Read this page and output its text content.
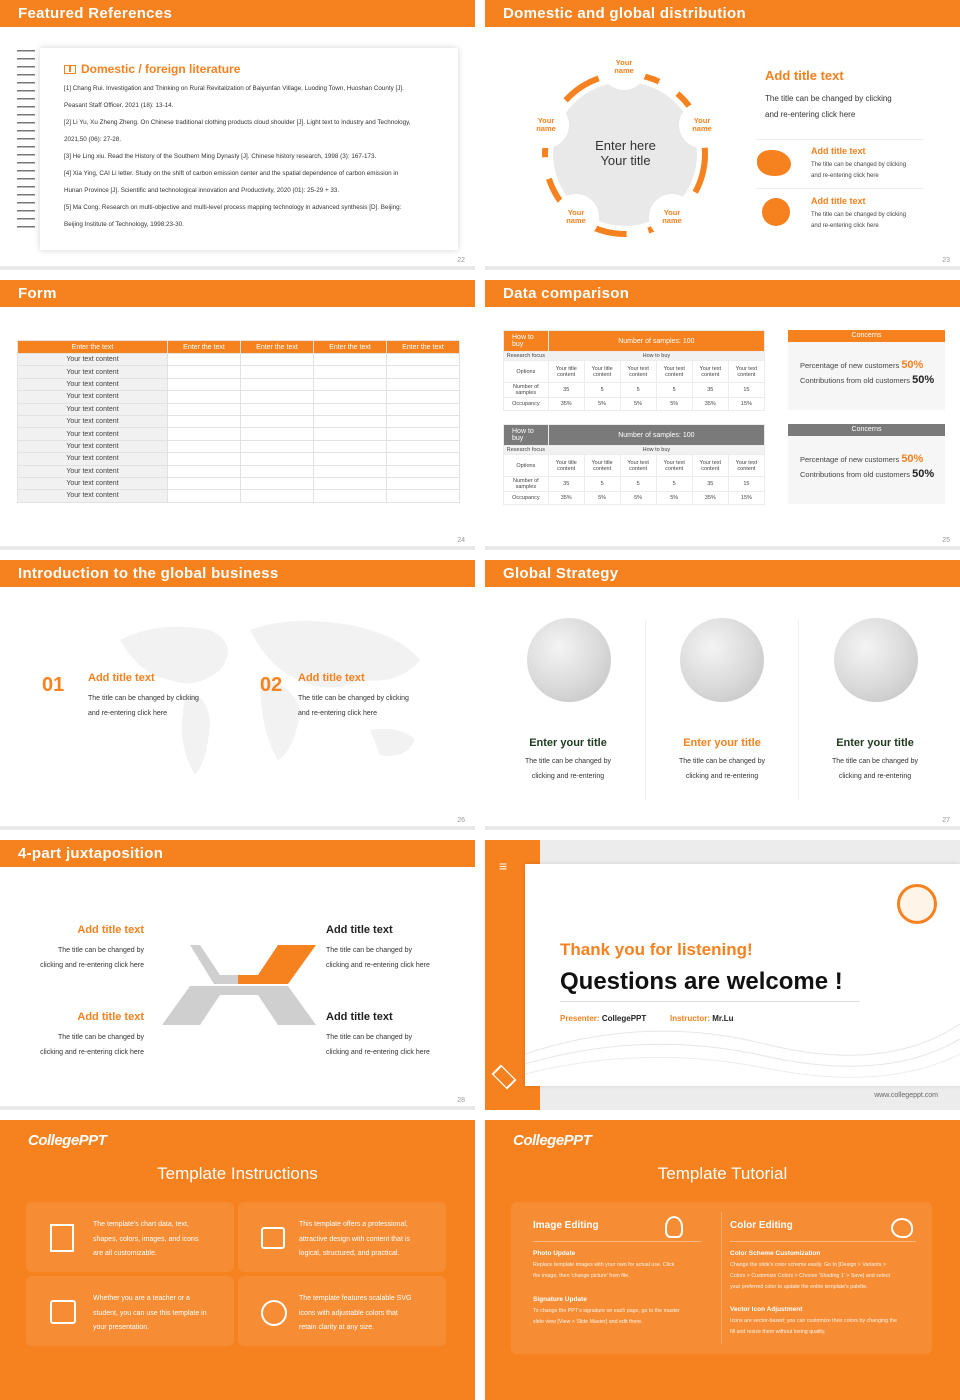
Featured References
Domestic / foreign literature
[1] Chang Rui. Investigation and Thinking on Rural Revitalization of Baiyunfan Village, Luoding Town, Huoshan County [J].
Peasant Staff Officer, 2021 (18): 13-14.
[2] Li Yu, Xu Zheng Zheng. On Chinese traditional clothing products cloud shoulder [J]. Light text to Industry and Technology,
2021,50 (06): 27-28.
[3] He Ling xiu. Read the History of the Southern Ming Dynasty [J]. Chinese history research, 1998 (3): 167-173.
[4] Xia Ying, CAI Li letter. Study on the shift of carbon emission center and the spatial dependence of carbon emission in
Hunan Province [J]. Scientific and technological innovation and Productivity, 2020 (01): 25-29 + 33.
[5] Ma Cong. Research on multi-objective and multi-level process mapping technology in advanced synthesis [D]. Beijing:
Beijing Institute of Technology, 1998:23-30.
22
Domestic and global distribution
Enter here
Your title
Your
name
Your
name
Your
name
Your
name
Your
name
Add title text
The title can be changed by clicking
and re-entering click here
Add title text
The title can be changed by clicking
and re-entering click here
Add title text
The title can be changed by clicking
and re-entering click here
23
Form
Enter the text	Enter the text	Enter the text	Enter the text	Enter the text
Your text content				
Your text content				
Your text content				
Your text content				
Your text content				
Your text content				
Your text content				
Your text content				
Your text content				
Your text content				
Your text content				
Your text content				
24
Data comparison
25
How to buy	Number of samples: 100					
Research focus	How to buy					
Options	Your title content	Your title content	Your text content	Your text content	Your text content	Your text content
Number of samples	35	5	5	5	35	15
Occupancy	35%	5%	5%	5%	35%	15%
Concerns
Percentage of new customers 50%
Contributions from old customers 50%
How to buy	Number of samples: 100					
Research focus	How to buy					
Options	Your title content	Your title content	Your text content	Your text content	Your text content	Your text content
Number of samples	35	5	5	5	35	15
Occupancy	35%	5%	5%	5%	35%	15%
Concerns
Percentage of new customers 50%
Contributions from old customers 50%
Introduction to the global business
01 Add title text
The title can be changed by clicking
and re-entering click here
02 Add title text
The title can be changed by clicking
and re-entering click here
26
Global Strategy
Enter your title
The title can be changed by
clicking and re-entering
Enter your title
The title can be changed by
clicking and re-entering
Enter your title
The title can be changed by
clicking and re-entering
27
4-part juxtaposition
Add title text
The title can be changed by
clicking and re-entering click here
Add title text
The title can be changed by
clicking and re-entering click here
Add title text
The title can be changed by
clicking and re-entering click here
Add title text
The title can be changed by
clicking and re-entering click here
D A
C B
28
≡
Thank you for listening!
Questions are welcome !
Presenter: CollegePPT	Instructor: Mr.Lu
www.collegeppt.com
CollegePPT
Template Instructions
The template's chart data, text,
shapes, colors, images, and icons
are all customizable.
This template offers a professional,
attractive design with content that is
logical, structured, and practical.
Whether you are a teacher or a
student, you can use this template in
your presentation.
The template features scalable SVG
icons with adjustable colors that
retain clarity at any size.
CollegePPT
Template Tutorial
Image Editing
Photo Update
Replace template images with your own for actual use. Click
the image, then 'change picture' from file.
Signature Update
To change the PPT's signature on each page, go to the master
slide view [View > Slide Master] and edit there.
Color Editing
Color Scheme Customization
Change the slide's color scheme easily. Go to [Design > Variants >
Colors > Customize Colors > Choose 'Shading 1' > Save] and select
your preferred color to update the entire template's palette.
Vector Icon Adjustment
Icons are vector-based; you can customize their colors by changing the
fill and resize them without losing quality.
